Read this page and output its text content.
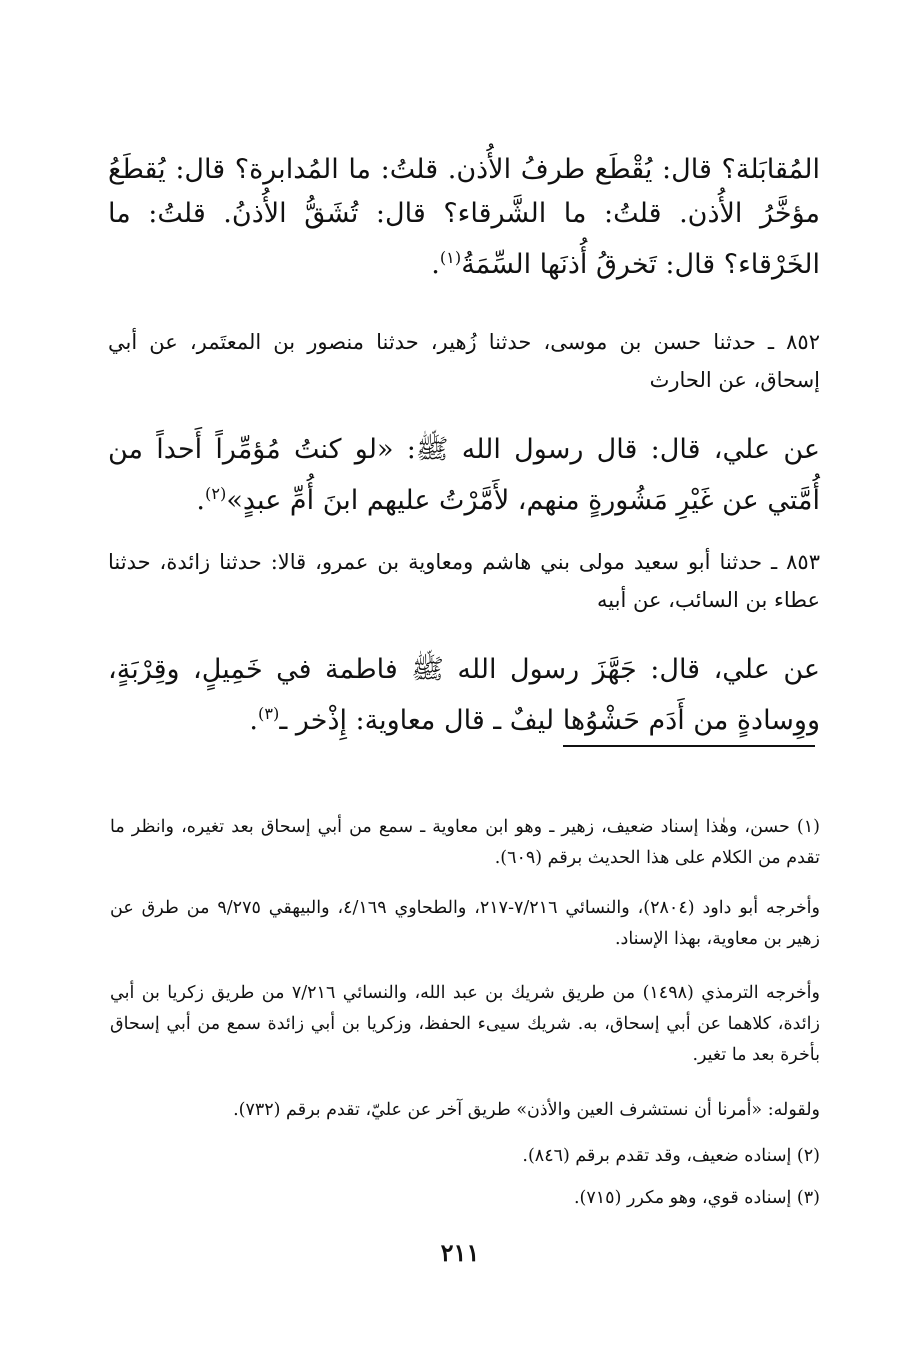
المُقابَلة؟ قال: يُقْطَع طرفُ الأُذن. قلتُ: ما المُدابرة؟ قال: يُقطَعُ مؤخَّرُ الأُذن. قلتُ: ما الشَّرقاء؟ قال: تُشَقُّ الأُذنُ. قلتُ: ما الخَرْقاء؟ قال: تَخرقُ أُذنَها السِّمَةُ$^{(١)}$.
٨٥٢ ـ حدثنا حسن بن موسى، حدثنا زُهير، حدثنا منصور بن المعتَمر، عن أبي إسحاق، عن الحارث
عن علي، قال: قال رسول الله ﷺ: «لو كنتُ مُؤمِّراً أَحداً من أُمَّتي عن غَيْرِ مَشُورةٍ منهم، لأَمَّرْتُ عليهم ابنَ أُمِّ عبدٍ»$^{(٢)}$.
٨٥٣ ـ حدثنا أبو سعيد مولى بني هاشم ومعاوية بن عمرو، قالا: حدثنا زائدة، حدثنا عطاء بن السائب، عن أبيه
عن علي، قال: جَهَّزَ رسول الله ﷺ فاطمة في خَمِيلٍ، وقِرْبَةٍ، ووِسادةٍ من أَدَم حَشْوُها ليفٌ ـ قال معاوية: إِذْخر ـ$^{(٣)}$.
(١) حسن، وهٰذا إسناد ضعيف، زهير ـ وهو ابن معاوية ـ سمع من أبي إسحاق بعد تغيره، وانظر ما تقدم من الكلام على هذا الحديث برقم (٦٠٩).
وأخرجه أبو داود (٢٨٠٤)، والنسائي ٧/٢١٦-٢١٧، والطحاوي ٤/١٦٩، والبيهقي ٩/٢٧٥ من طرق عن زهير بن معاوية، بهذا الإسناد.
وأخرجه الترمذي (١٤٩٨) من طريق شريك بن عبد الله، والنسائي ٧/٢١٦ من طريق زكريا بن أبي زائدة، كلاهما عن أبي إسحاق، به. شريك سيىء الحفظ، وزكريا بن أبي زائدة سمع من أبي إسحاق بأخرة بعد ما تغير.
ولقوله: «أمرنا أن نستشرف العين والأذن» طريق آخر عن عليّ، تقدم برقم (٧٣٢).
(٢) إسناده ضعيف، وقد تقدم برقم (٨٤٦).
(٣) إسناده قوي، وهو مكرر (٧١٥).
٢١١
